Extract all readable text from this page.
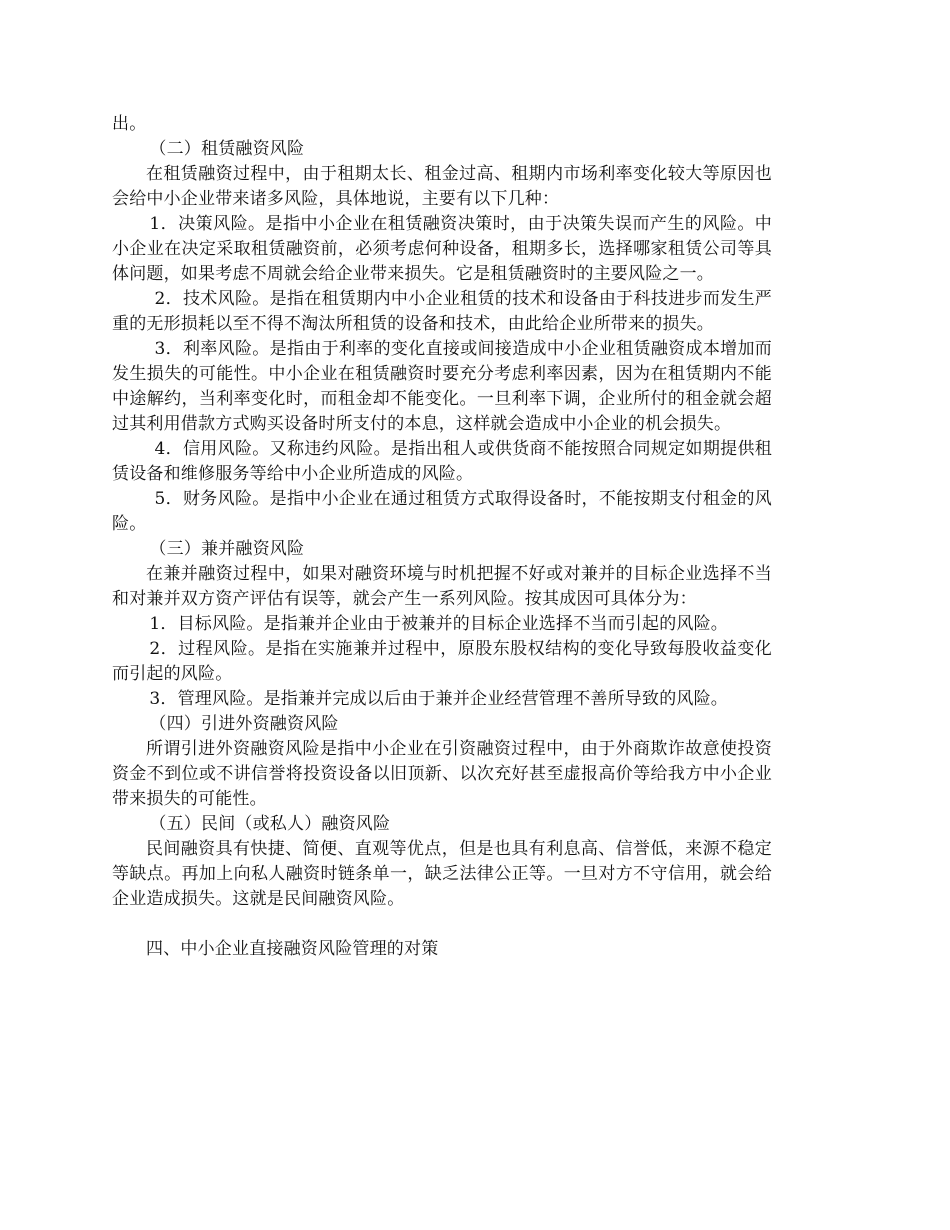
出。

（二）租赁融资风险

在租赁融资过程中，由于租期太长、租金过高、租期内市场利率变化较大等原因也会给中小企业带来诸多风险，具体地说，主要有以下几种：

1．决策风险。是指中小企业在租赁融资决策时，由于决策失误而产生的风险。中小企业在决定采取租赁融资前，必须考虑何种设备，租期多长，选择哪家租赁公司等具体问题，如果考虑不周就会给企业带来损失。它是租赁融资时的主要风险之一。

2．技术风险。是指在租赁期内中小企业租赁的技术和设备由于科技进步而发生严重的无形损耗以至不得不淘汰所租赁的设备和技术，由此给企业所带来的损失。

3．利率风险。是指由于利率的变化直接或间接造成中小企业租赁融资成本增加而发生损失的可能性。中小企业在租赁融资时要充分考虑利率因素，因为在租赁期内不能中途解约，当利率变化时，而租金却不能变化。一旦利率下调，企业所付的租金就会超过其利用借款方式购买设备时所支付的本息，这样就会造成中小企业的机会损失。

4．信用风险。又称违约风险。是指出租人或供货商不能按照合同规定如期提供租赁设备和维修服务等给中小企业所造成的风险。

5．财务风险。是指中小企业在通过租赁方式取得设备时，不能按期支付租金的风险。

（三）兼并融资风险

在兼并融资过程中，如果对融资环境与时机把握不好或对兼并的目标企业选择不当和对兼并双方资产评估有误等，就会产生一系列风险。按其成因可具体分为：

1．目标风险。是指兼并企业由于被兼并的目标企业选择不当而引起的风险。

2．过程风险。是指在实施兼并过程中，原股东股权结构的变化导致每股收益变化而引起的风险。

3．管理风险。是指兼并完成以后由于兼并企业经营管理不善所导致的风险。

（四）引进外资融资风险

所谓引进外资融资风险是指中小企业在引资融资过程中，由于外商欺诈故意使投资资金不到位或不讲信誉将投资设备以旧顶新、以次充好甚至虚报高价等给我方中小企业带来损失的可能性。

（五）民间（或私人）融资风险

民间融资具有快捷、简便、直观等优点，但是也具有利息高、信誉低，来源不稳定等缺点。再加上向私人融资时链条单一，缺乏法律公正等。一旦对方不守信用，就会给企业造成损失。这就是民间融资风险。

四、中小企业直接融资风险管理的对策
